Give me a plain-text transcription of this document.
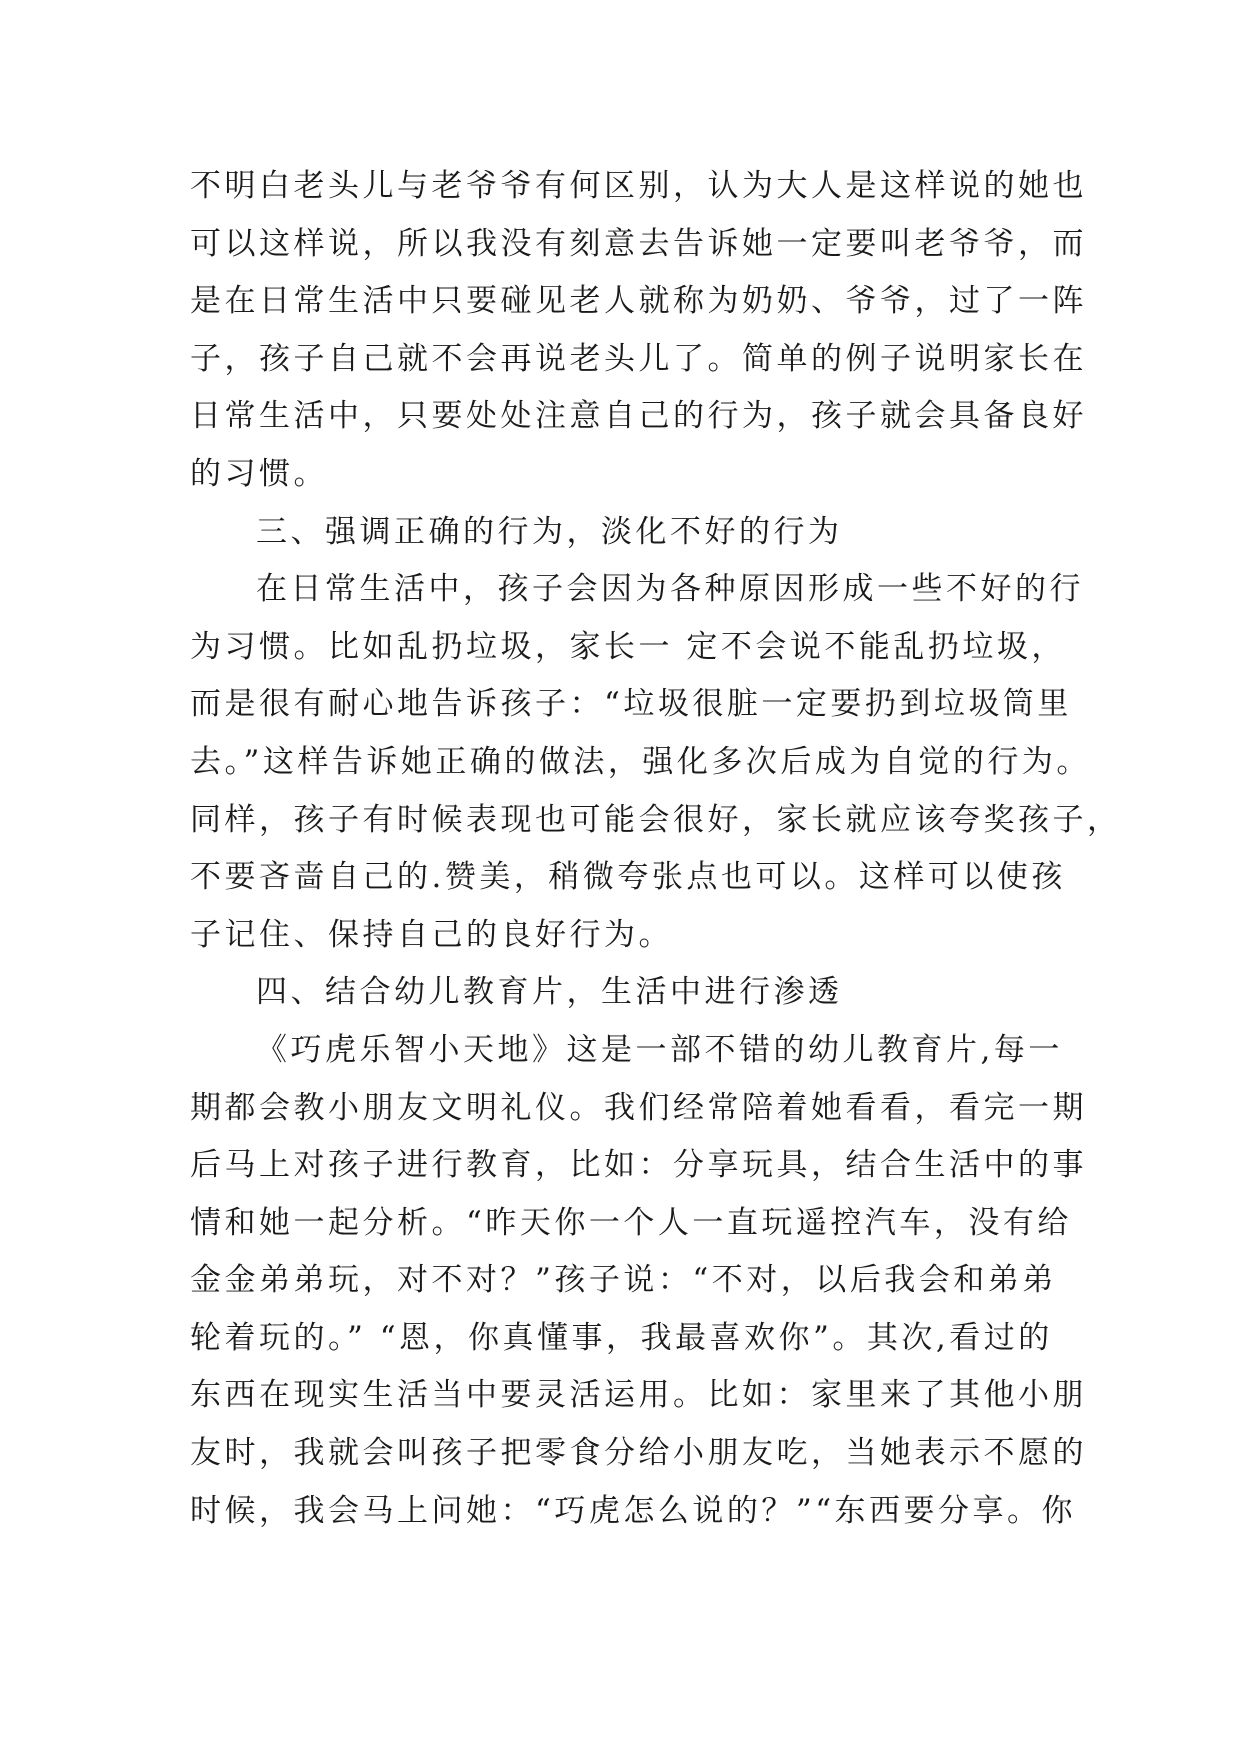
不明白老头儿与老爷爷有何区别，认为大人是这样说的她也
可以这样说，所以我没有刻意去告诉她一定要叫老爷爷，而
是在日常生活中只要碰见老人就称为奶奶、爷爷，过了一阵
子，孩子自己就不会再说老头儿了。简单的例子说明家长在
日常生活中，只要处处注意自己的行为，孩子就会具备良好
的习惯。
三、强调正确的行为，淡化不好的行为
在日常生活中，孩子会因为各种原因形成一些不好的行
为习惯。比如乱扔垃圾，家长一 定不会说不能乱扔垃圾，
而是很有耐心地告诉孩子：“垃圾很脏一定要扔到垃圾筒里
去。”这样告诉她正确的做法，强化多次后成为自觉的行为。
同样，孩子有时候表现也可能会很好，家长就应该夸奖孩子，
不要吝啬自己的.赞美，稍微夸张点也可以。这样可以使孩
子记住、保持自己的良好行为。
四、结合幼儿教育片，生活中进行渗透
《巧虎乐智小天地》这是一部不错的幼儿教育片,每一
期都会教小朋友文明礼仪。我们经常陪着她看看，看完一期
后马上对孩子进行教育，比如：分享玩具，结合生活中的事
情和她一起分析。“昨天你一个人一直玩遥控汽车，没有给
金金弟弟玩，对不对？”孩子说：“不对，以后我会和弟弟
轮着玩的。” “恩，你真懂事，我最喜欢你”。其次,看过的
东西在现实生活当中要灵活运用。比如：家里来了其他小朋
友时，我就会叫孩子把零食分给小朋友吃，当她表示不愿的
时候，我会马上问她：“巧虎怎么说的？”“东西要分享。你
